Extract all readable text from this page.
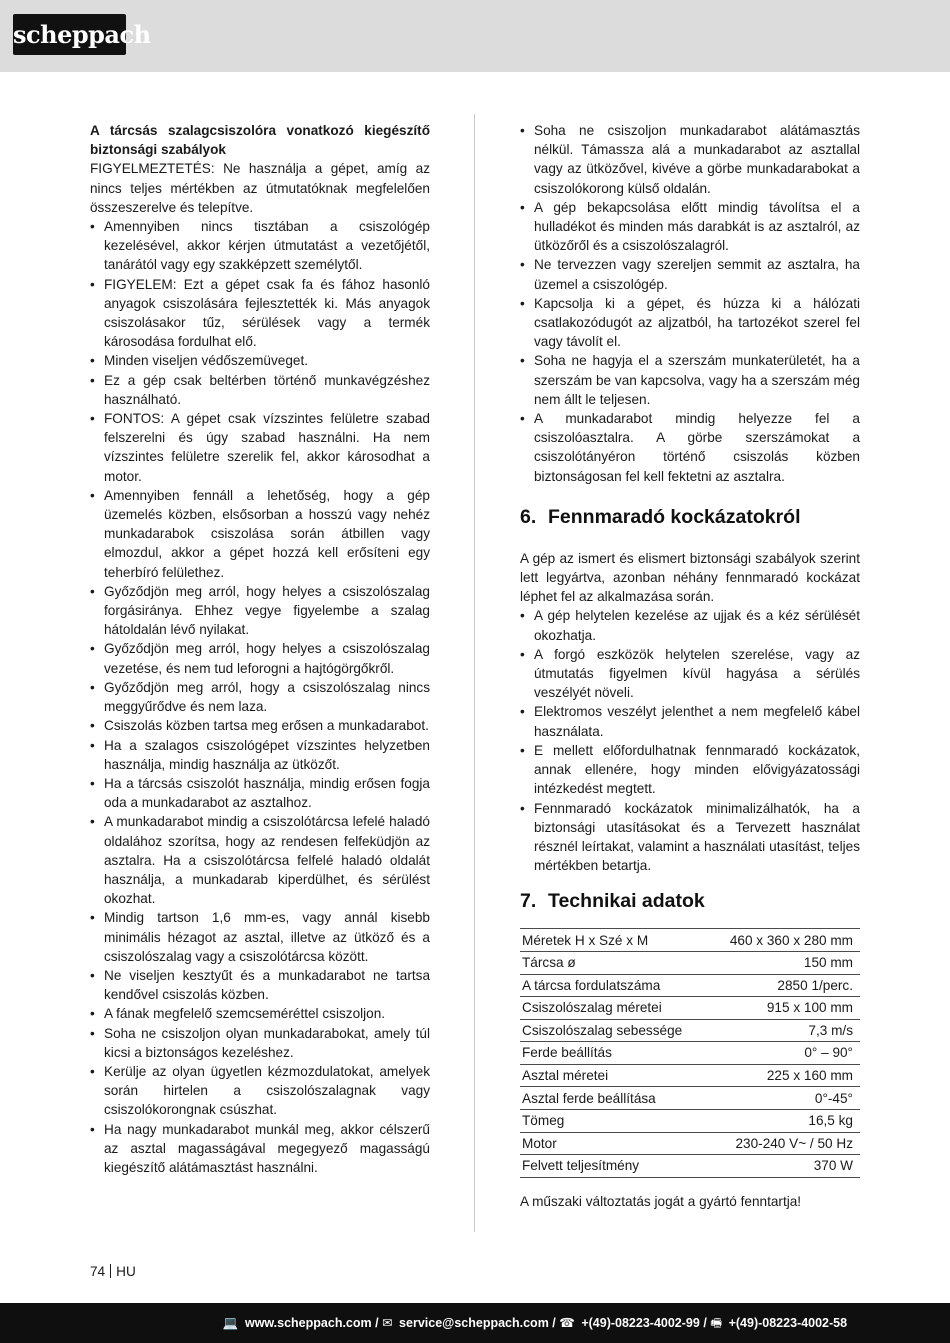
scheppach

A tárcsás szalagcsiszolóra vonatkozó kiegészítő biztonsági szabályok

FIGYELMEZTETÉS: Ne használja a gépet, amíg az nincs teljes mértékben az útmutatóknak megfelelően összeszerelve és telepítve.

• Amennyiben nincs tisztában a csiszológép kezelésével, akkor kérjen útmutatást a vezetőjétől, tanárától vagy egy szakképzett személytől.
• FIGYELEM: Ezt a gépet csak fa és fához hasonló anyagok csiszolására fejlesztették ki. Más anyagok csiszolásakor tűz, sérülések vagy a termék károsodása fordulhat elő.
• Minden viseljen védőszemüveget.
• Ez a gép csak beltérben történő munkavégzéshez használható.
• FONTOS: A gépet csak vízszintes felületre szabad felszerelni és úgy szabad használni. Ha nem vízszintes felületre szerelik fel, akkor károsodhat a motor.
• Amennyiben fennáll a lehetőség, hogy a gép üzemelés közben, elsősorban a hosszú vagy nehéz munkadarabok csiszolása során átbillen vagy elmozdul, akkor a gépet hozzá kell erősíteni egy teherbíró felülethez.
• Győződjön meg arról, hogy helyes a csiszolószalag forgásiránya. Ehhez vegye figyelembe a szalag hátoldalán lévő nyilakat.
• Győződjön meg arról, hogy helyes a csiszolószalag vezetése, és nem tud leforogni a hajtógörgőkről.
• Győződjön meg arról, hogy a csiszolószalag nincs meggyűrődve és nem laza.
• Csiszolás közben tartsa meg erősen a munkadarabot.
• Ha a szalagos csiszológépet vízszintes helyzetben használja, mindig használja az ütközőt.
• Ha a tárcsás csiszolót használja, mindig erősen fogja oda a munkadarabot az asztalhoz.
• A munkadarabot mindig a csiszolótárcsa lefelé haladó oldalához szorítsa, hogy az rendesen felfeküdjön az asztalra. Ha a csiszolótárcsa felfelé haladó oldalát használja, a munkadarab kiperdülhet, és sérülést okozhat.
• Mindig tartson 1,6 mm-es, vagy annál kisebb minimális hézagot az asztal, illetve az ütköző és a csiszolószalag vagy a csiszolótárcsa között.
• Ne viseljen kesztyűt és a munkadarabot ne tartsa kendővel csiszolás közben.
• A fának megfelelő szemcseméréttel csiszoljon.
• Soha ne csiszoljon olyan munkadarabokat, amely túl kicsi a biztonságos kezeléshez.
• Kerülje az olyan ügyetlen kézmozdulatokat, amelyek során hirtelen a csiszolószalagnak vagy csiszolókorongnak csúszhat.
• Ha nagy munkadarabot munkál meg, akkor célszerű az asztal magasságával megegyező magasságú kiegészítő alátámasztást használni.
• Soha ne csiszoljon munkadarabot alátámasztás nélkül. Támassza alá a munkadarabot az asztallal vagy az ütközővel, kivéve a görbe munkadarabokat a csiszolókorong külső oldalán.
• A gép bekapcsolása előtt mindig távolítsa el a hulladékot és minden más darabkát is az asztalról, az ütközőről és a csiszolószalagról.
• Ne tervezzen vagy szereljen semmit az asztalra, ha üzemel a csiszológép.
• Kapcsolja ki a gépet, és húzza ki a hálózati csatlakozódugót az aljzatból, ha tartozékot szerel fel vagy távolít el.
• Soha ne hagyja el a szerszám munkaterületét, ha a szerszám be van kapcsolva, vagy ha a szerszám még nem állt le teljesen.
• A munkadarabot mindig helyezze fel a csiszolóasztalra. A görbe szerszámokat a csiszolótányéron történő csiszolás közben biztonságosan fel kell fektetni az asztalra.
6. Fennmaradó kockázatokról

A gép az ismert és elismert biztonsági szabályok szerint lett legyártva, azonban néhány fennmaradó kockázat léphet fel az alkalmazása során.

• A gép helytelen kezelése az ujjak és a kéz sérülését okozhatja.
• A forgó eszközök helytelen szerelése, vagy az útmutatás figyelmen kívül hagyása a sérülés veszélyét növeli.
• Elektromos veszélyt jelenthet a nem megfelelő kábel használata.
• E mellett előfordulhatnak fennmaradó kockázatok, annak ellenére, hogy minden elővigyázatossági intézkedést megtett.
• Fennmaradó kockázatok minimalizálhatók, ha a biztonsági utasításokat és a Tervezett használat résznél leírtakat, valamint a használati utasítást, teljes mértékben betartja.
7. Technikai adatok
Méretek H x Szé x M	460 x 360 x 280 mm
Tárcsa ø	150 mm
A tárcsa fordulatszáma	2850 1/perc.
Csiszolószalag méretei	915 x 100 mm
Csiszolószalag sebessége	7,3 m/s
Ferde beállítás	0° – 90°
Asztal méretei	225 x 160 mm
Asztal ferde beállítása	0°-45°
Tömeg	16,5 kg
Motor	230-240 V~ / 50 Hz
Felvett teljesítmény	370 W

A műszaki változtatás jogát a gyártó fenntartja!

74 HU
💻 www.scheppach.com / ✉ service@scheppach.com / ☎ +(49)-08223-4002-99 / 🖷 +(49)-08223-4002-58
